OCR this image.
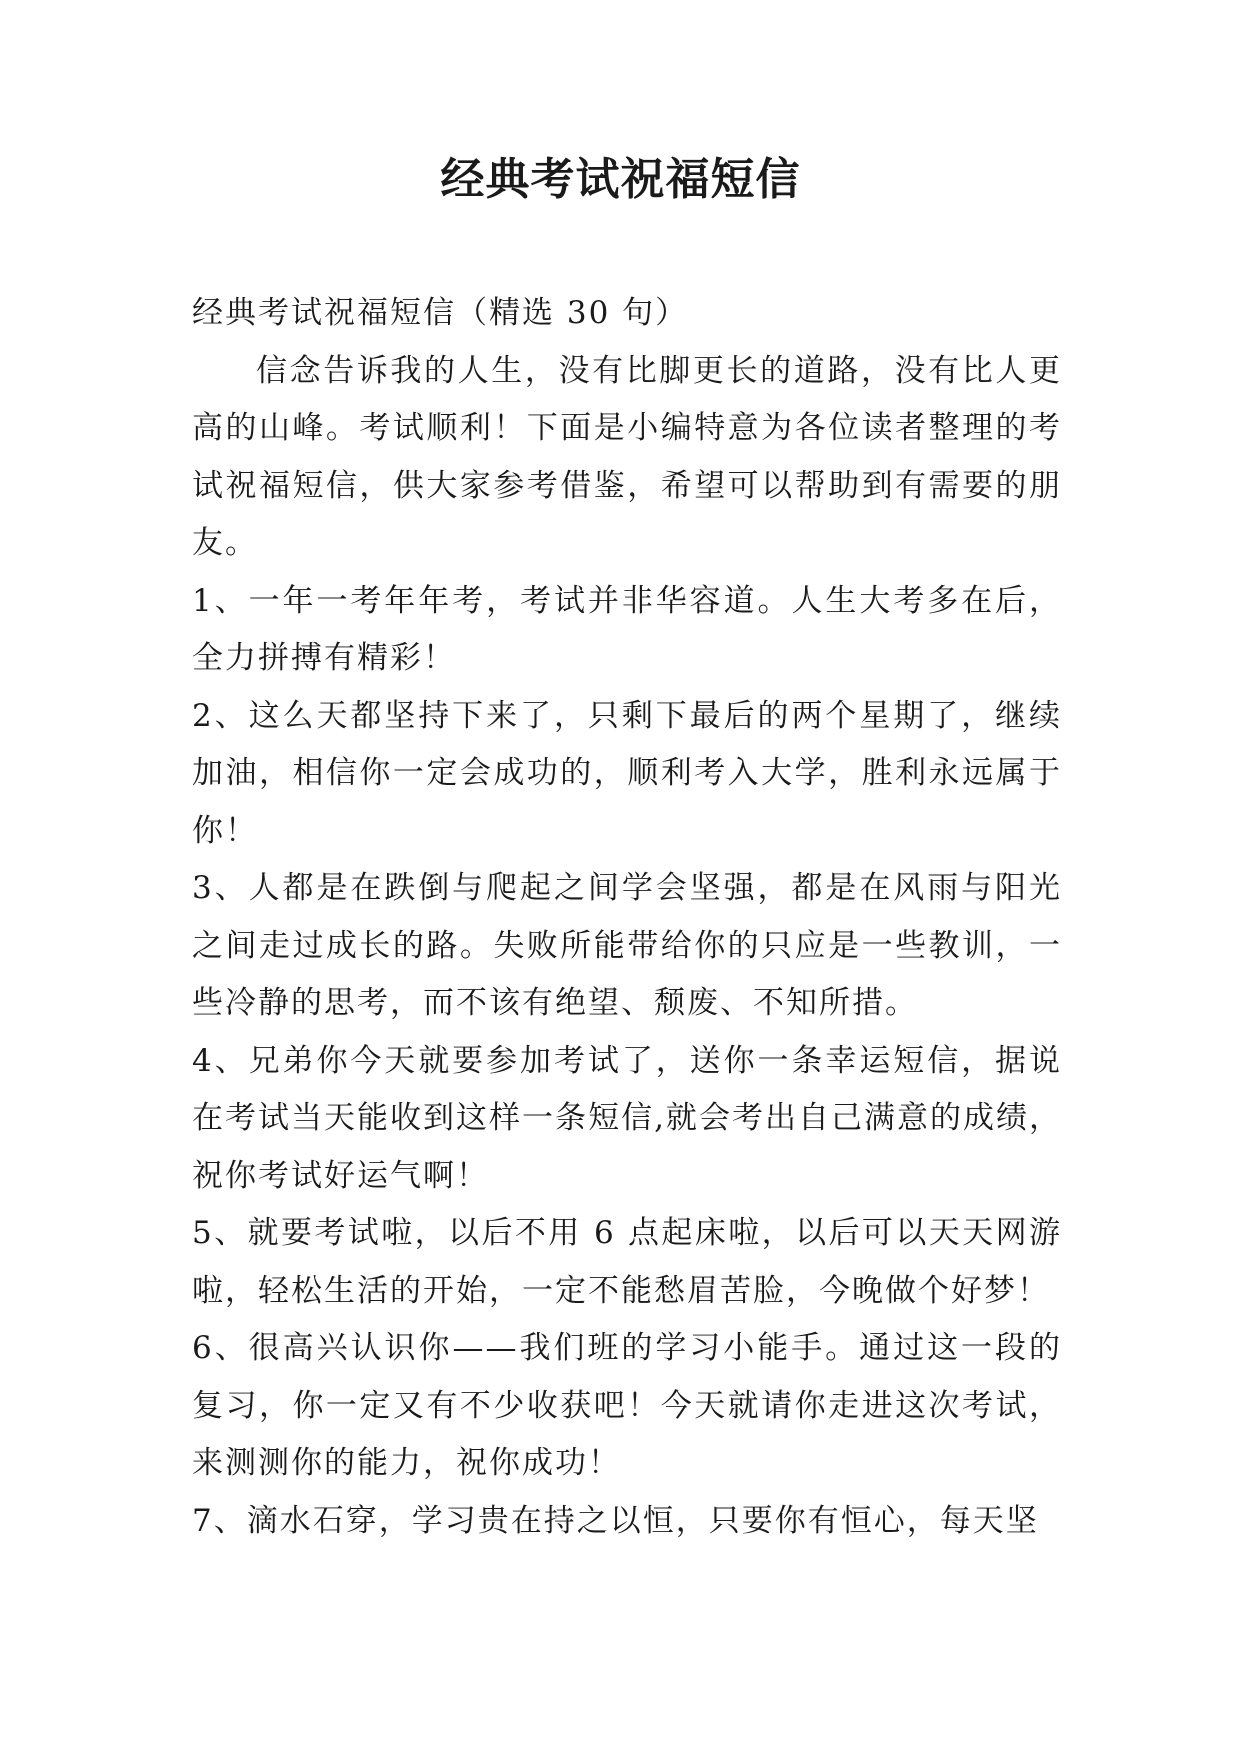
经典考试祝福短信

经典考试祝福短信（精选 30 句）

信念告诉我的人生，没有比脚更长的道路，没有比人更高的山峰。考试顺利！下面是小编特意为各位读者整理的考试祝福短信，供大家参考借鉴，希望可以帮助到有需要的朋友。

1、一年一考年年考，考试并非华容道。人生大考多在后，全力拼搏有精彩！

2、这么天都坚持下来了，只剩下最后的两个星期了，继续加油，相信你一定会成功的，顺利考入大学，胜利永远属于你！

3、人都是在跌倒与爬起之间学会坚强，都是在风雨与阳光之间走过成长的路。失败所能带给你的只应是一些教训，一些冷静的思考，而不该有绝望、颓废、不知所措。

4、兄弟你今天就要参加考试了，送你一条幸运短信，据说在考试当天能收到这样一条短信,就会考出自己满意的成绩，祝你考试好运气啊！

5、就要考试啦，以后不用 6 点起床啦，以后可以天天网游啦，轻松生活的开始，一定不能愁眉苦脸，今晚做个好梦！

6、很高兴认识你——我们班的学习小能手。通过这一段的复习，你一定又有不少收获吧！今天就请你走进这次考试，来测测你的能力，祝你成功！

7、滴水石穿，学习贵在持之以恒，只要你有恒心，每天坚
